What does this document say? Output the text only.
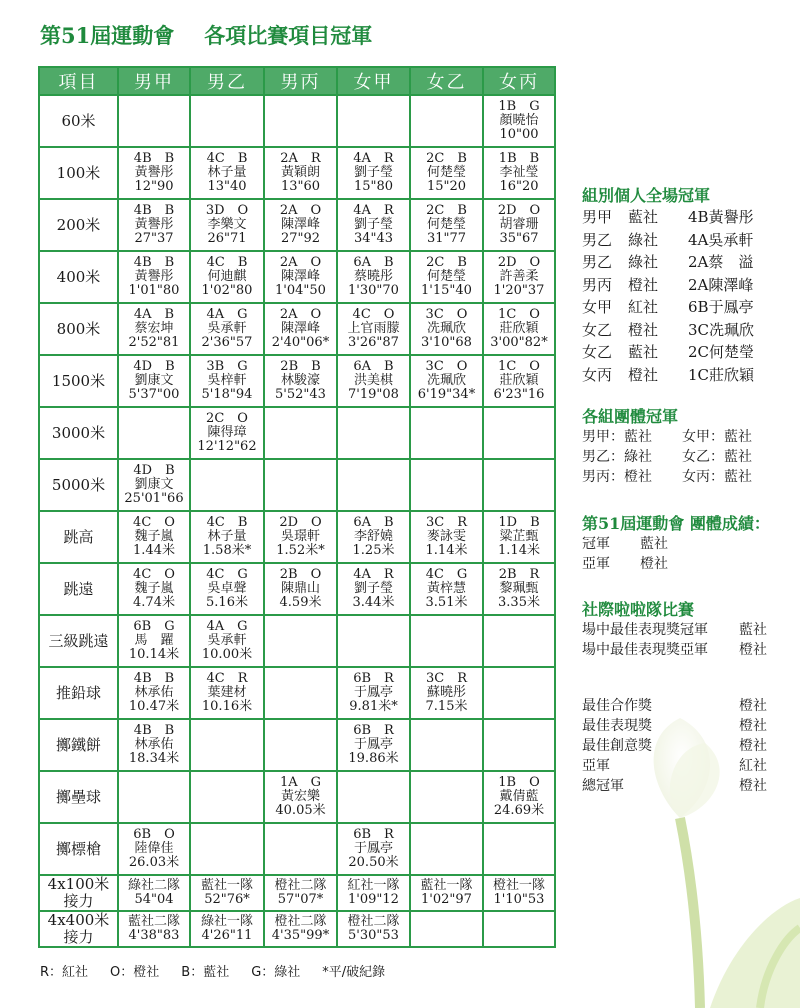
第51屆運動會 各項比賽項目冠軍
項目	男甲	男乙	男丙	女甲	女乙	女丙
60米						1B　G
顏曉怡
10"00

100米	4B　B
黃譽彤
12"90	4C　B
林子量
13"40	2A　R
黃穎朗
13"60	4A　R
劉子瑩
15"80	2C　B
何楚瑩
15"20	1B　B
李祉瑩
16"20

200米	4B　B
黃譽彤
27"37	3D　O
李樂文
26"71	2A　O
陳澤峰
27"92	4A　R
劉子瑩
34"43	2C　B
何楚瑩
31"77	2D　O
胡睿珊
35"67

400米	4B　B
黃譽彤
1'01"80	4C　B
何迪麒
1'02"80	2A　O
陳澤峰
1'04"50	6A　B
蔡曉彤
1'30"70	2C　B
何楚瑩
1'15"40	2D　O
許善柔
1'20"37

800米	4A　B
蔡宏坤
2'52"81	4A　G
吳承軒
2'36"57	2A　O
陳澤峰
2'40"06*	4C　O
上官雨朦
3'26"87	3C　O
冼珮欣
3'10"68	1C　O
莊欣穎
3'00"82*

1500米	4D　B
劉康文
5'37"00	3B　G
吳梓軒
5'18"94	2B　B
林駿濠
5'52"43	6A　B
洪美棋
7'19"08	3C　O
冼珮欣
6'19"34*	1C　O
莊欣穎
6'23"16

3000米		2C　O
陳得璋
12'12"62				

5000米	4D　B
劉康文
25'01"66					

跳高	4C　O
魏子嵐
1.44米	4C　B
林子量
1.58米*	2D　O
吳璟軒
1.52米*	6A　B
李舒嬈
1.25米	3C　R
麥詠雯
1.14米	1D　B
粱芷甄
1.14米

跳遠	4C　O
魏子嵐
4.74米	4C　G
吳卓聲
5.16米	2B　O
陳鼎山
4.59米	4A　R
劉子瑩
3.44米	4C　G
黃梓慧
3.51米	2B　R
黎珮甄
3.35米

三級跳遠	6B　G
馬　躍
10.14米	4A　G
吳承軒
10.00米				

推鉛球	4B　B
林承佑
10.47米	4C　R
葉建材
10.16米		6B　R
于鳳亭
9.81米*	3C　R
蘇曉彤
7.15米	

擲鐵餅	4B　B
林承佑
18.34米			6B　R
于鳳亭
19.86米		

擲壘球			1A　G
黃宏樂
40.05米			1B　O
戴倩藍
24.69米

擲標槍	6B　O
陸偉佳
26.03米			6B　R
于鳳亭
20.50米		

4x100米
接力	綠社二隊
54"04	藍社一隊
52"76*	橙社二隊
57"07*	紅社一隊
1'09"12	藍社一隊
1'02"97	橙社一隊
1'10"53

4x400米
接力	藍社二隊
4'38"83	綠社一隊
4'26"11	橙社二隊
4'35"99*	橙社二隊
5'30"53		

組別個人全場冠軍
男甲	藍社	4B黃譽彤
男乙	綠社	4A吳承軒
男乙	綠社	2A蔡　溢
男丙	橙社	2A陳澤峰
女甲	紅社	6B于鳳亭
女乙	橙社	3C冼珮欣
女乙	藍社	2C何楚瑩
女丙	橙社	1C莊欣穎
各組團體冠軍
男甲：藍社	女甲：藍社
男乙：綠社	女乙：藍社
男丙：橙社	女丙：藍社
第51屆運動會 團體成績：
冠軍	藍社
亞軍	橙社
社際啦啦隊比賽
場中最佳表現獎冠軍	藍社
場中最佳表現獎亞軍	橙社
最佳合作獎	橙社
最佳表現獎	橙社
最佳創意獎	橙社
亞軍	紅社
總冠軍	橙社
R：紅社 O：橙社 B：藍社 G：綠社 *平/破紀錄
